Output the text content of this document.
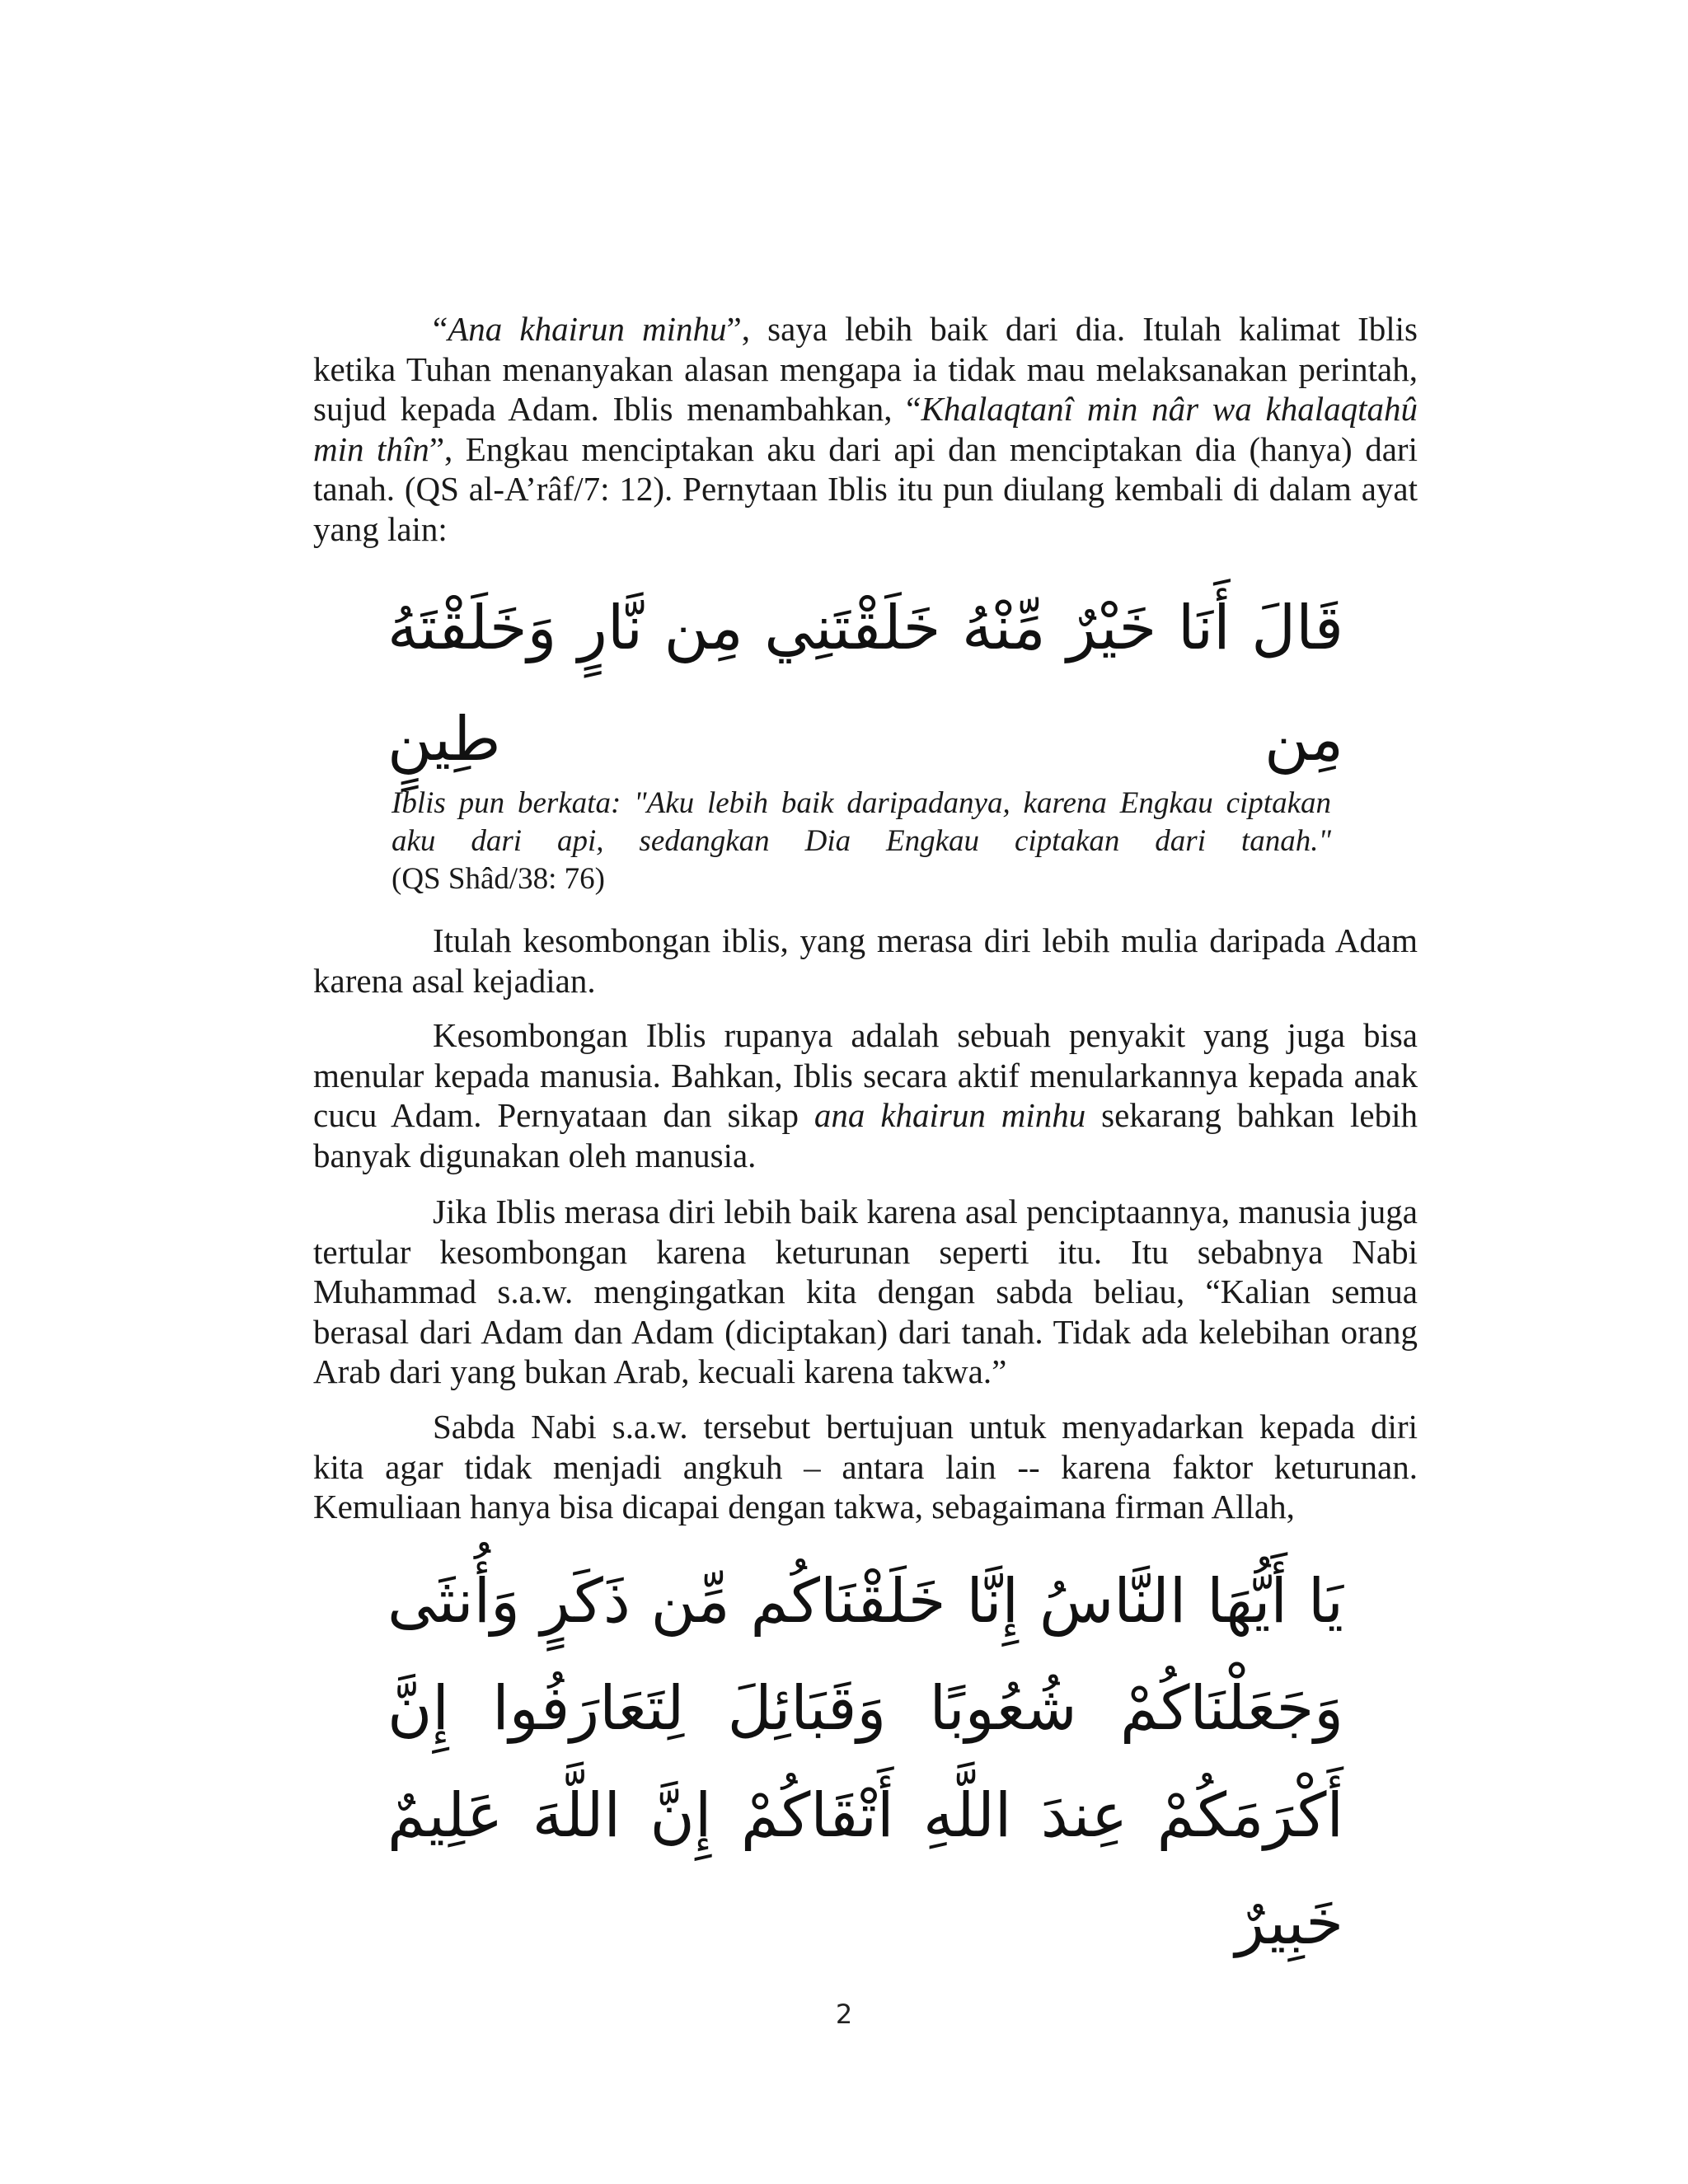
“Ana khairun minhu”, saya lebih baik dari dia. Itulah kalimat Iblis ketika Tuhan menanyakan alasan mengapa ia tidak mau melaksanakan perintah, sujud kepada Adam. Iblis menambahkan, “Khalaqtanî min nâr wa khalaqtahû min thîn”, Engkau menciptakan aku dari api dan menciptakan dia (hanya) dari tanah. (QS al-A’râf/7: 12). Pernytaan Iblis itu pun diulang kembali di dalam ayat yang lain:

قَالَ أَنَا خَيْرٌ مِّنْهُ خَلَقْتَنِي مِن نَّارٍ وَخَلَقْتَهُ مِن طِينٍ

Iblis pun berkata: "Aku lebih baik daripadanya, karena Engkau ciptakan aku dari api, sedangkan Dia Engkau ciptakan dari tanah."
(QS Shâd/38: 76)

Itulah kesombongan iblis, yang merasa diri lebih mulia daripada Adam karena asal kejadian.

Kesombongan Iblis rupanya adalah sebuah penyakit yang juga bisa menular kepada manusia. Bahkan, Iblis secara aktif menularkannya kepada anak cucu Adam. Pernyataan dan sikap ana khairun minhu sekarang bahkan lebih banyak digunakan oleh manusia.

Jika Iblis merasa diri lebih baik karena asal penciptaannya, manusia juga tertular kesombongan karena keturunan seperti itu. Itu sebabnya Nabi Muhammad s.a.w. mengingatkan kita dengan sabda beliau, “Kalian semua berasal dari Adam dan Adam (diciptakan) dari tanah. Tidak ada kelebihan orang Arab dari yang bukan Arab, kecuali karena takwa.”

Sabda Nabi s.a.w. tersebut bertujuan untuk menyadarkan kepada diri kita agar tidak menjadi angkuh – antara lain -- karena faktor keturunan. Kemuliaan hanya bisa dicapai dengan takwa, sebagaimana firman Allah,

يَا أَيُّهَا النَّاسُ إِنَّا خَلَقْنَاكُم مِّن ذَكَرٍ وَأُنثَى وَجَعَلْنَاكُمْ شُعُوبًا وَقَبَائِلَ لِتَعَارَفُوا إِنَّ أَكْرَمَكُمْ عِندَ اللَّهِ أَتْقَاكُمْ إِنَّ اللَّهَ عَلِيمٌ خَبِيرٌ

2
